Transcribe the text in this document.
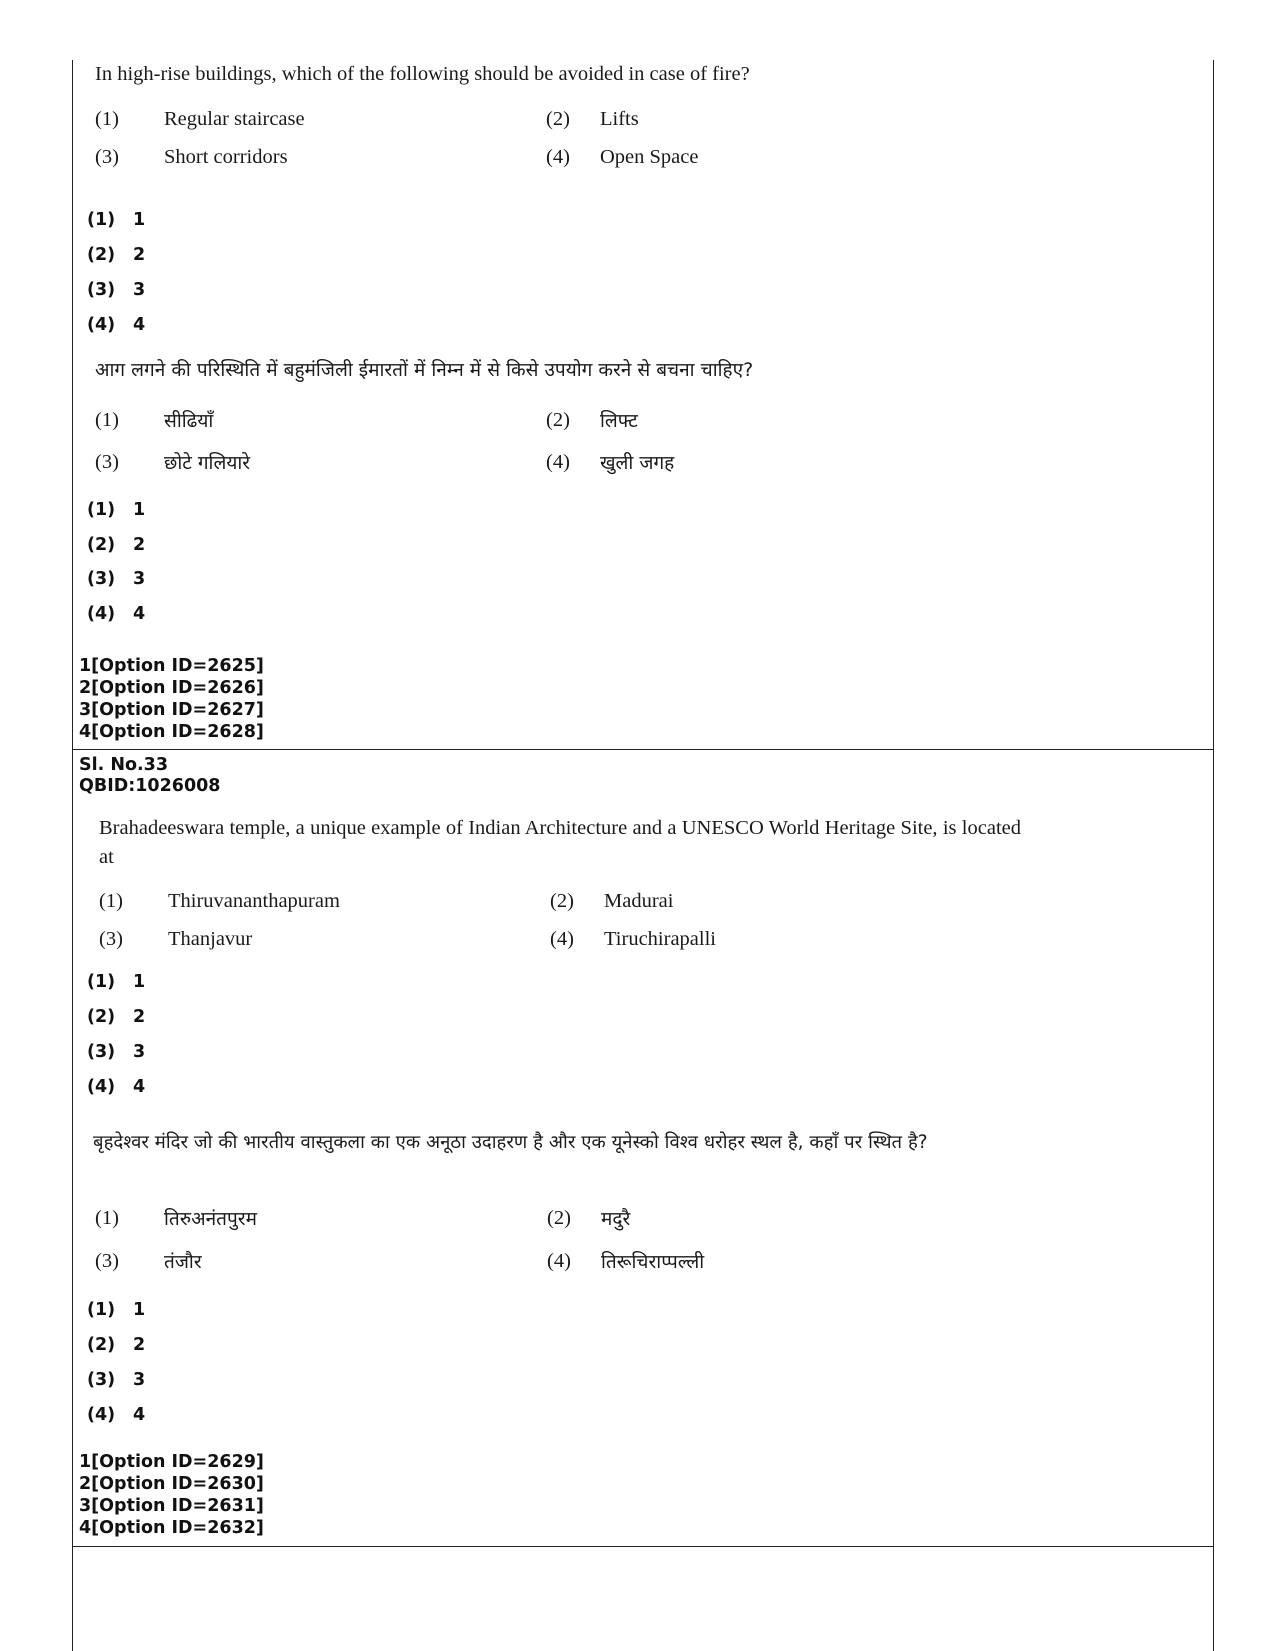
In high-rise buildings, which of the following should be avoided in case of fire?
(1) Regular staircase	(2) Lifts
(3) Short corridors	(4) Open Space
(1) 1
(2) 2
(3) 3
(4) 4
आग लगने की परिस्थिति में बहुमंजिली ईमारतों में निम्न में से किसे उपयोग करने से बचना चाहिए?
(1) सीढियाँ	(2) लिफ्ट
(3) छोटे गलियारे	(4) खुली जगह
(1) 1
(2) 2
(3) 3
(4) 4
1[Option ID=2625]
2[Option ID=2626]
3[Option ID=2627]
4[Option ID=2628]
Sl. No.33
QBID:1026008
Brahadeeswara temple, a unique example of Indian Architecture and a UNESCO World Heritage Site, is located at
(1) Thiruvananthapuram	(2) Madurai
(3) Thanjavur	(4) Tiruchirapalli
(1) 1
(2) 2
(3) 3
(4) 4
बृहदेश्वर मंदिर जो की भारतीय वास्तुकला का एक अनूठा उदाहरण है और एक यूनेस्को विश्व धरोहर स्थल है, कहाँ पर स्थित है?
(1) तिरुअनंतपुरम	(2) मदुरै
(3) तंजौर	(4) तिरूचिराप्पल्ली
(1) 1
(2) 2
(3) 3
(4) 4
1[Option ID=2629]
2[Option ID=2630]
3[Option ID=2631]
4[Option ID=2632]
